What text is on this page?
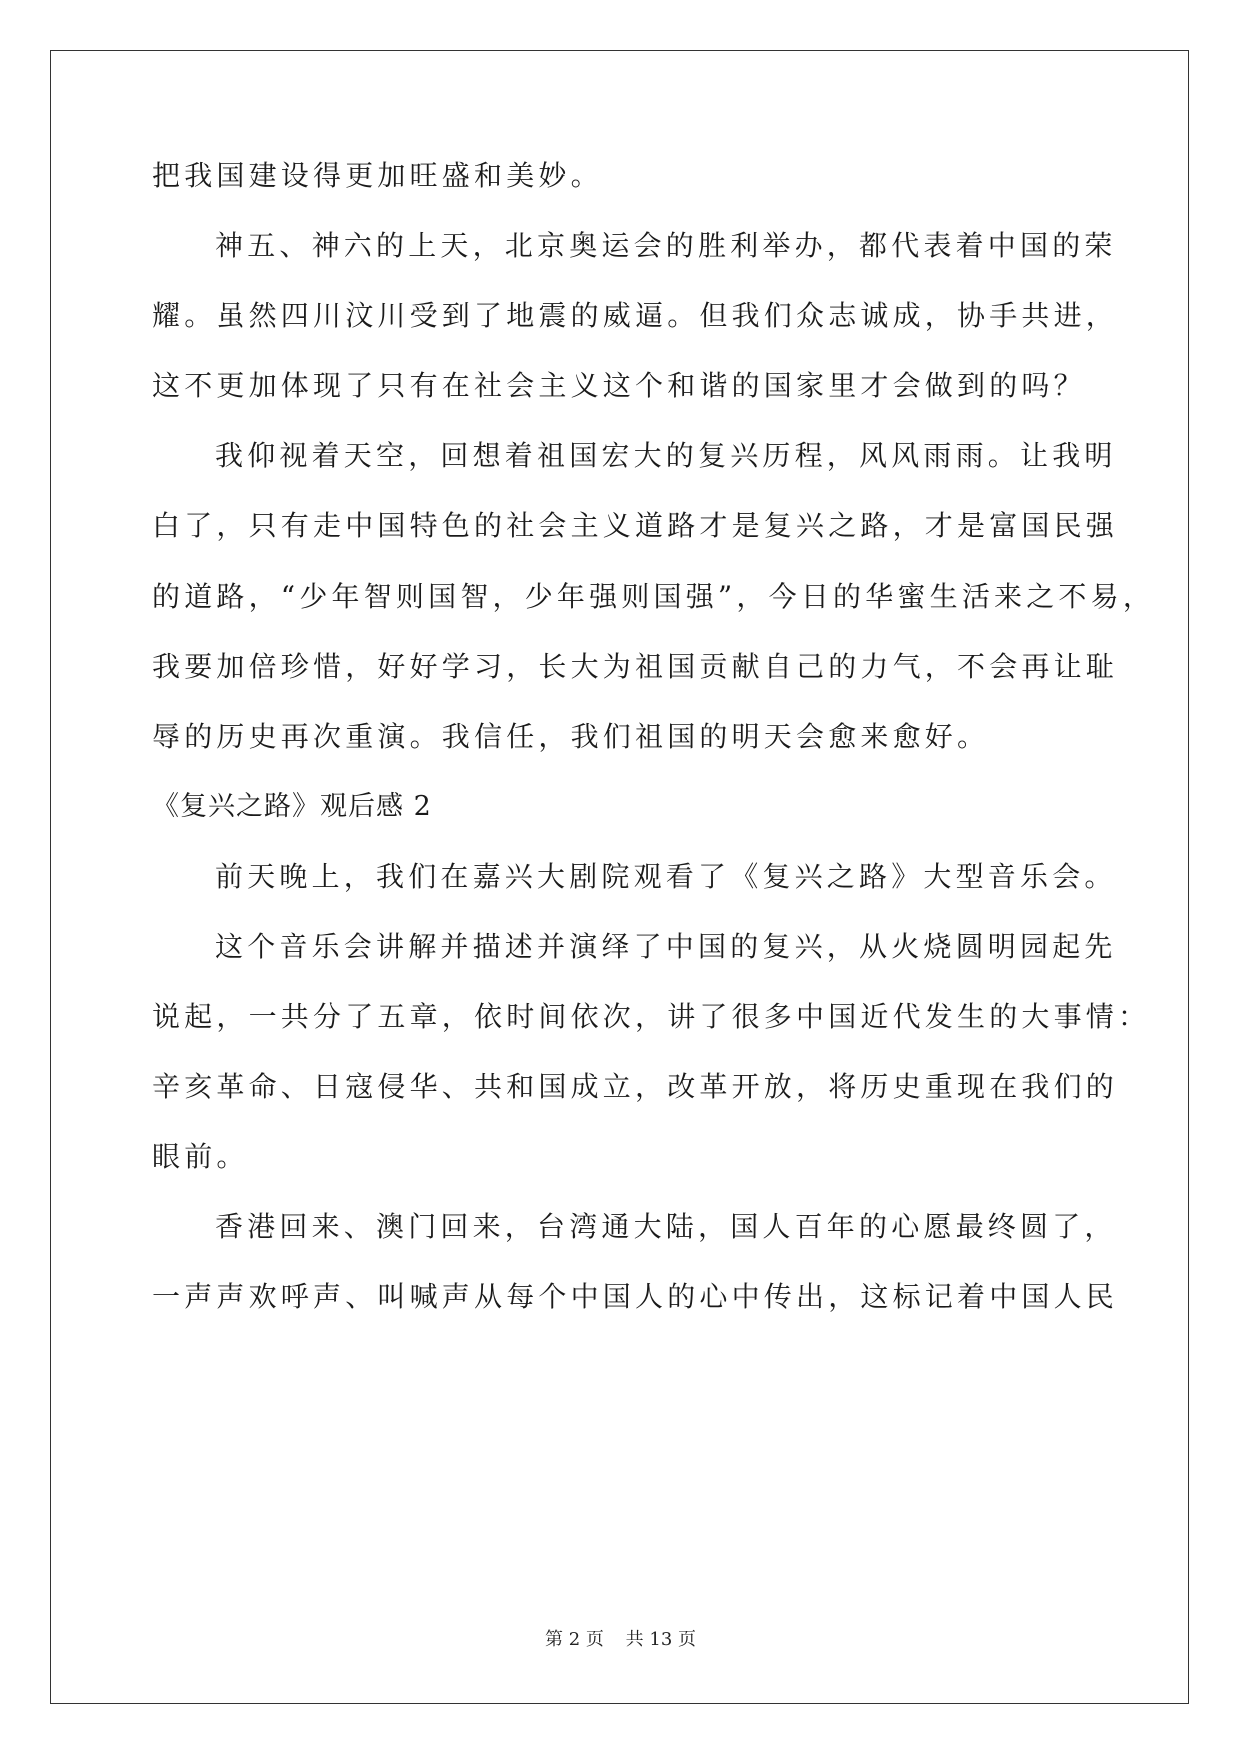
把我国建设得更加旺盛和美妙。
神五、神六的上天，北京奥运会的胜利举办，都代表着中国的荣
耀。虽然四川汶川受到了地震的威逼。但我们众志诚成，协手共进，
这不更加体现了只有在社会主义这个和谐的国家里才会做到的吗？
我仰视着天空，回想着祖国宏大的复兴历程，风风雨雨。让我明
白了，只有走中国特色的社会主义道路才是复兴之路，才是富国民强
的道路，“少年智则国智，少年强则国强”，今日的华蜜生活来之不易，
我要加倍珍惜，好好学习，长大为祖国贡献自己的力气，不会再让耻
辱的历史再次重演。我信任，我们祖国的明天会愈来愈好。
《复兴之路》观后感 2
前天晚上，我们在嘉兴大剧院观看了《复兴之路》大型音乐会。
这个音乐会讲解并描述并演绎了中国的复兴，从火烧圆明园起先
说起，一共分了五章，依时间依次，讲了很多中国近代发生的大事情：
辛亥革命、日寇侵华、共和国成立，改革开放，将历史重现在我们的
眼前。
香港回来、澳门回来，台湾通大陆，国人百年的心愿最终圆了，
一声声欢呼声、叫喊声从每个中国人的心中传出，这标记着中国人民
第 2 页 共 13 页
